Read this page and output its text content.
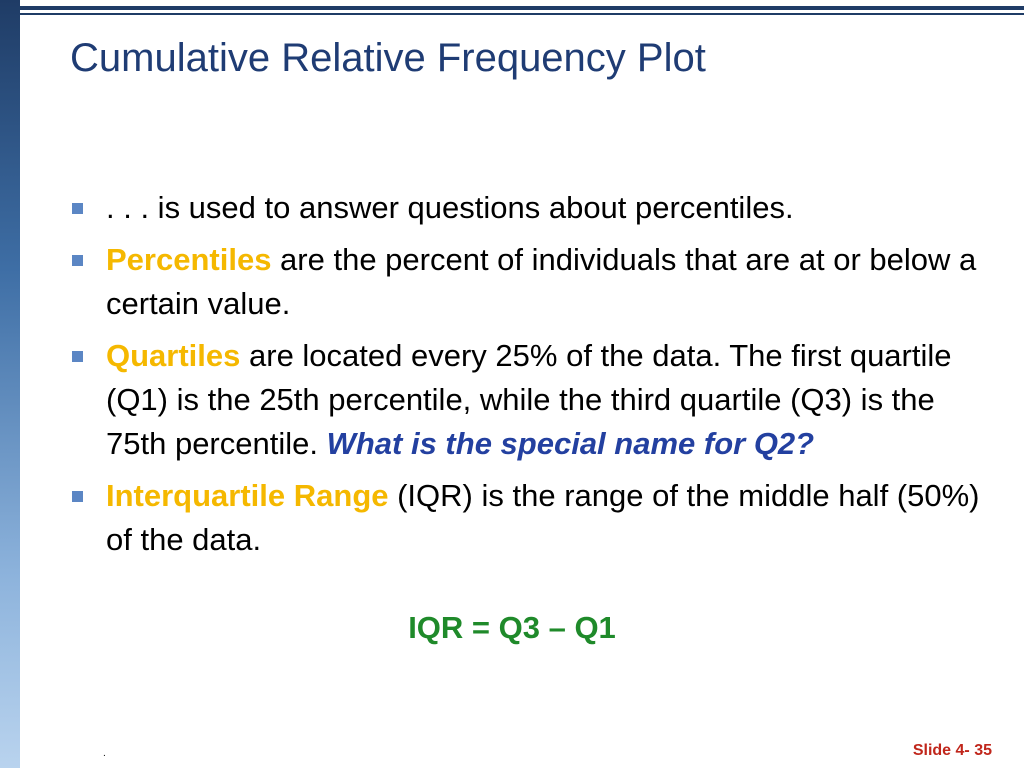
Cumulative Relative Frequency Plot
. . . is used to answer questions about percentiles.
Percentiles are the percent of individuals that are at or below a certain value.
Quartiles are located every 25% of the data. The first quartile (Q1) is the 25th percentile, while the third quartile (Q3) is the 75th percentile. What is the special name for Q2?
Interquartile Range (IQR) is the range of the middle half (50%) of the data.

IQR = Q3 – Q1

.	Slide 4- 35
